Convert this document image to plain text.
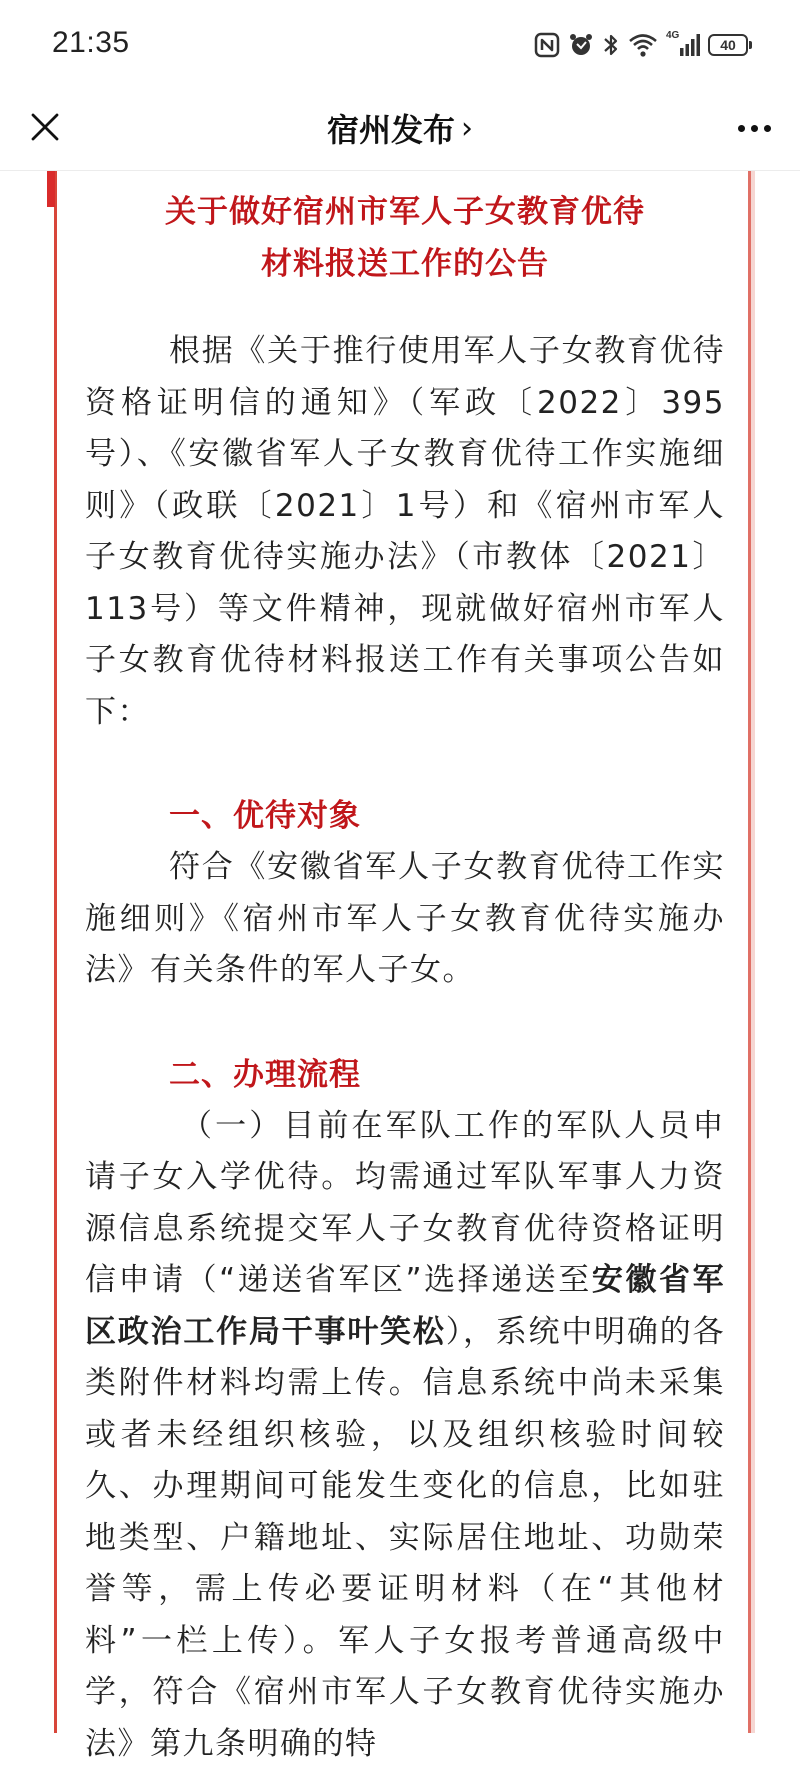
21:35	4G
40
宿州发布 ›
关于做好宿州市军人子女教育优待
材料报送工作的公告

根据《关于推行使用军人子女教育优待资格证明信的通知》（军政〔2022〕395号）、《安徽省军人子女教育优待工作实施细则》（政联〔2021〕1号）和《宿州市军人子女教育优待实施办法》（市教体〔2021〕113号）等文件精神，现就做好宿州市军人子女教育优待材料报送工作有关事项公告如下：

一、优待对象

符合《安徽省军人子女教育优待工作实施细则》《宿州市军人子女教育优待实施办法》有关条件的军人子女。

二、办理流程

（一）目前在军队工作的军队人员申请子女入学优待。均需通过军队军事人力资源信息系统提交军人子女教育优待资格证明信申请（“递送省军区”选择递送至安徽省军区政治工作局干事叶笑松），系统中明确的各类附件材料均需上传。信息系统中尚未采集或者未经组织核验，以及组织核验时间较久、办理期间可能发生变化的信息，比如驻地类型、户籍地址、实际居住地址、功勋荣誉等，需上传必要证明材料（在“其他材料”一栏上传）。军人子女报考普通高级中学，符合《宿州市军人子女教育优待实施办法》第九条明确的特
